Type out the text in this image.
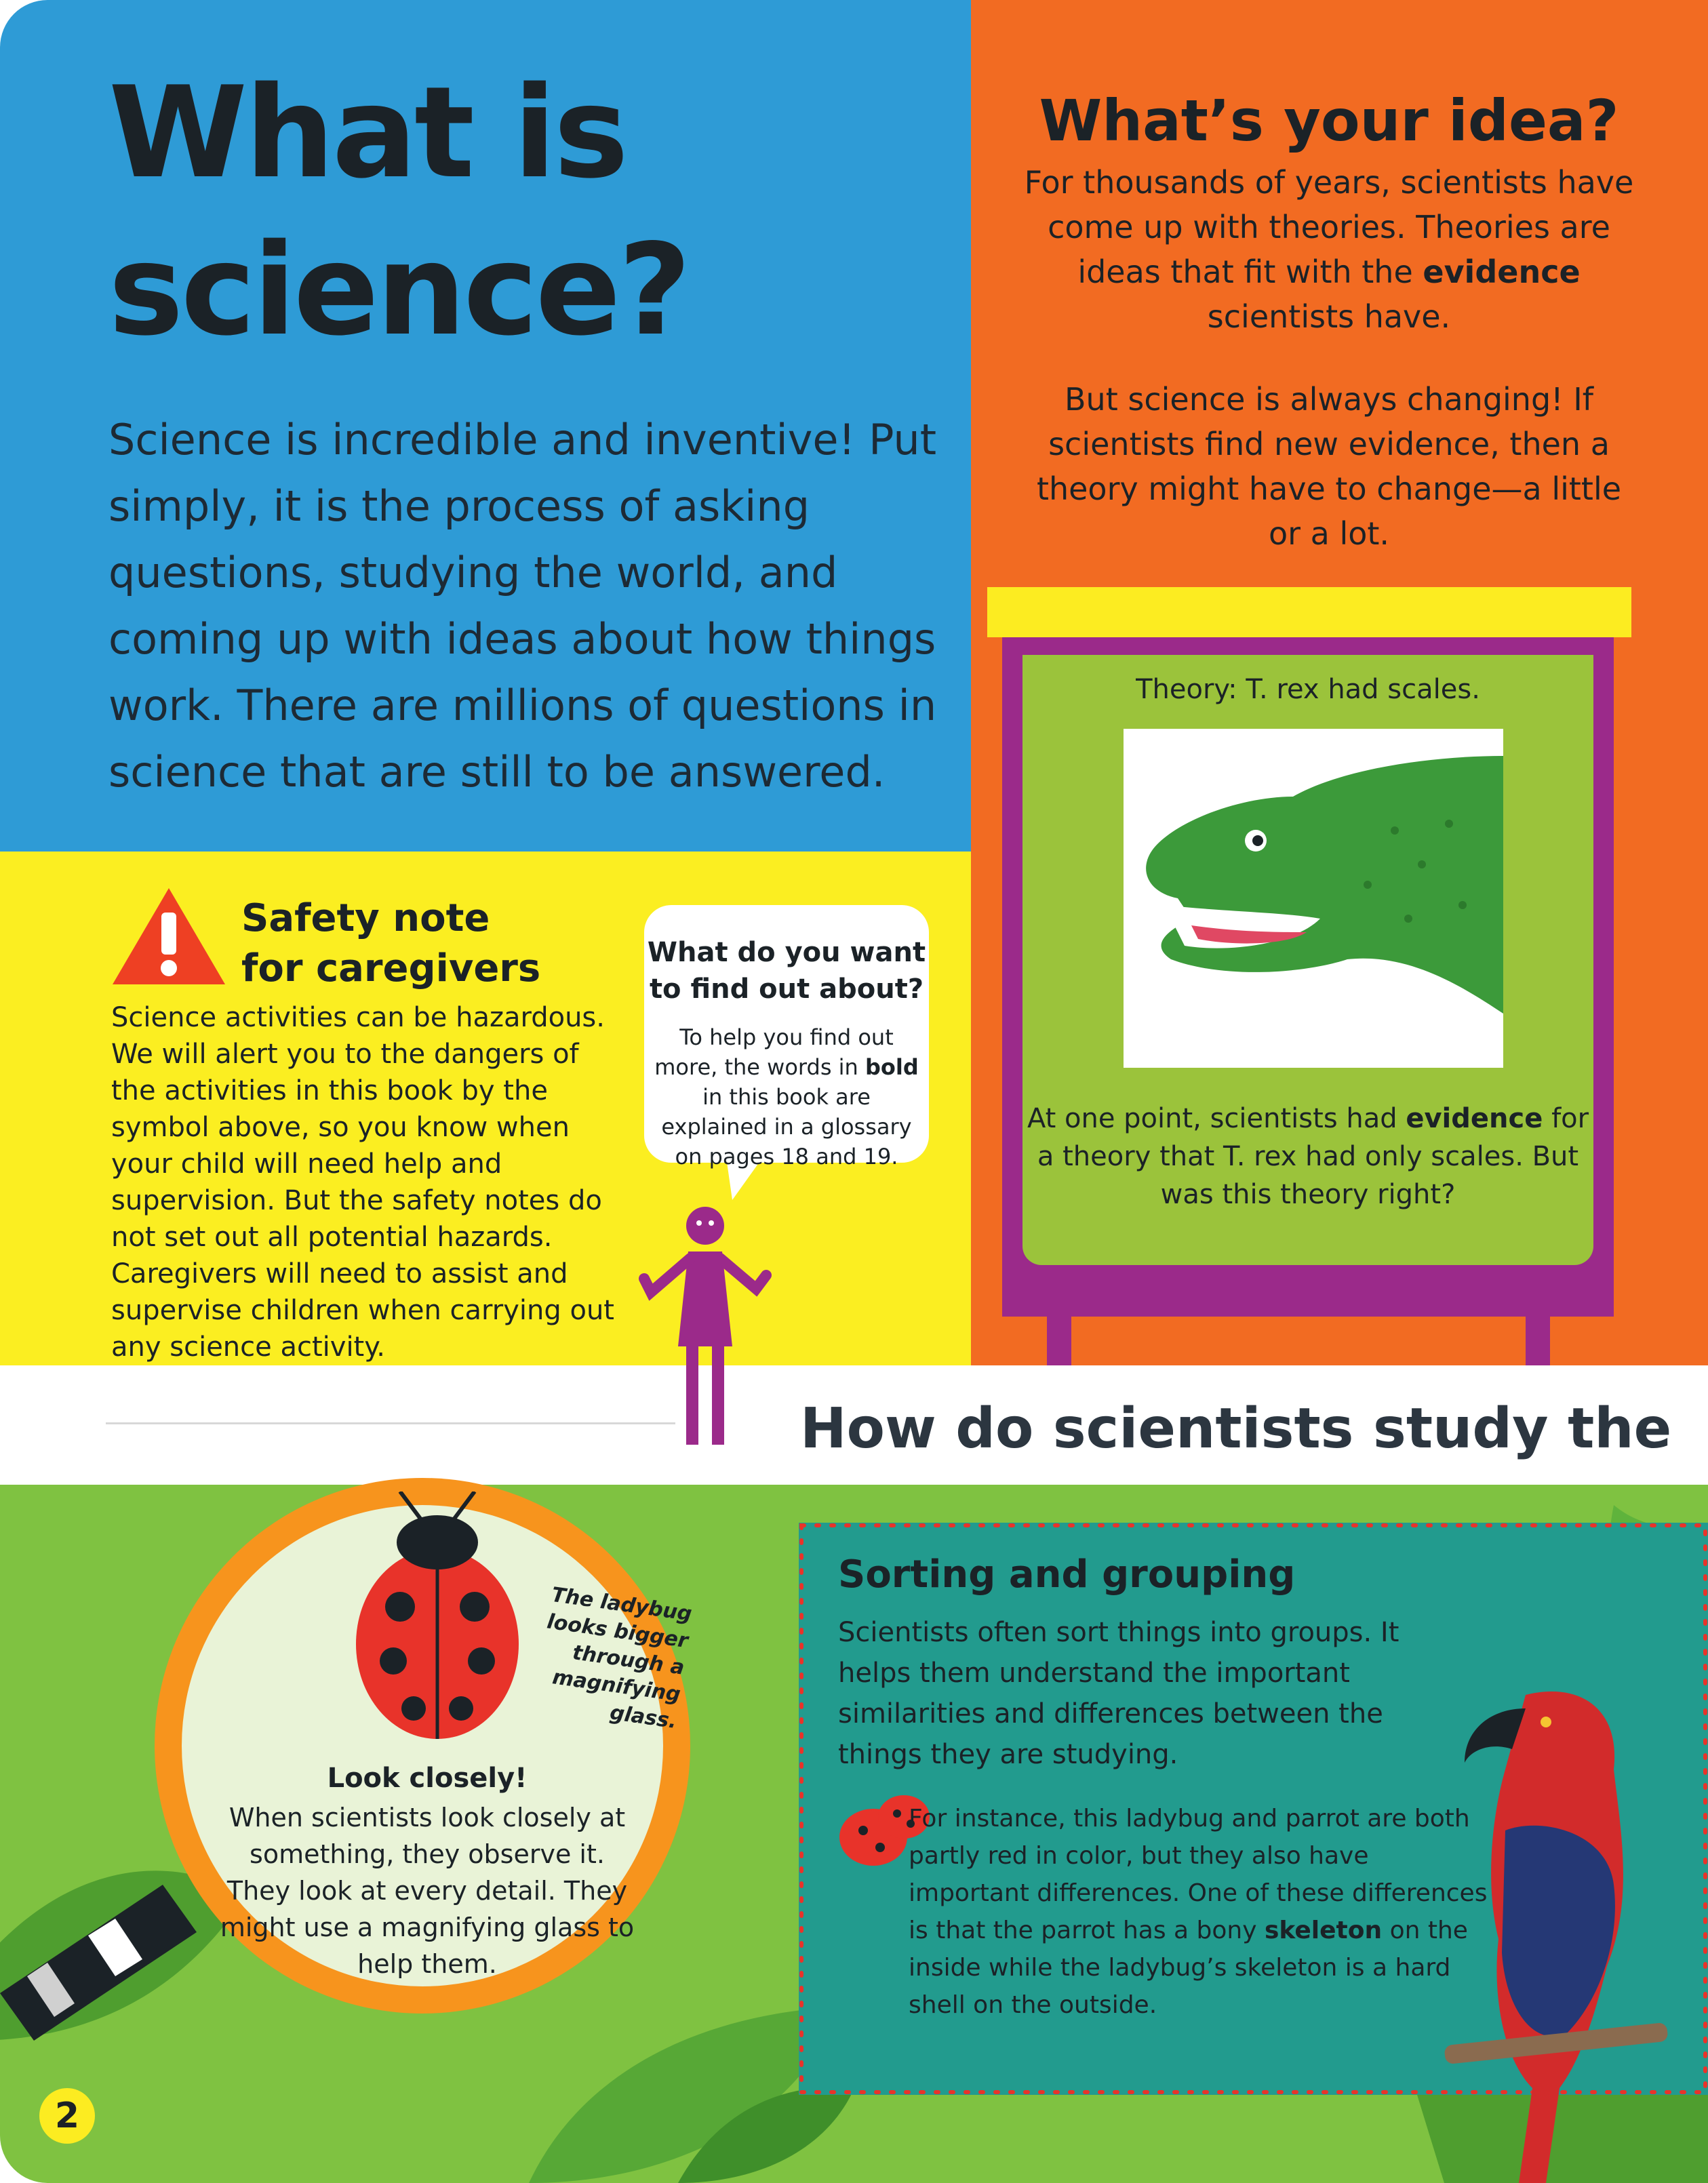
What is science?
Science is incredible and inventive! Put simply, it is the process of asking questions, studying the world, and coming up with ideas about how things work. There are millions of questions in science that are still to be answered.
What’s your idea?
For thousands of years, scientists have come up with theories. Theories are ideas that fit with the evidence scientists have.
But science is always changing! If scientists find new evidence, then a theory might have to change—a little or a lot.
Theory: T. rex had scales.
At one point, scientists had evidence for a theory that T. rex had only scales. But was this theory right?
Safety note
for caregivers
Science activities can be hazardous. We will alert you to the dangers of the activities in this book by the symbol above, so you know when your child will need help and supervision. But the safety notes do not set out all potential hazards. Caregivers will need to assist and supervise children when carrying out any science activity.
What do you want to find out about?
To help you find out more, the words in bold in this book are explained in a glossary on pages 18 and 19.
How do scientists study the
The ladybug looks bigger through a magnifying glass.
Look closely!
When scientists look closely at something, they observe it. They look at every detail. They might use a magnifying glass to help them.
Sorting and grouping
Scientists often sort things into groups. It helps them understand the important similarities and differences between the things they are studying.
For instance, this ladybug and parrot are both partly red in color, but they also have important differences. One of these differences is that the parrot has a bony skeleton on the inside while the ladybug’s skeleton is a hard shell on the outside.
2
